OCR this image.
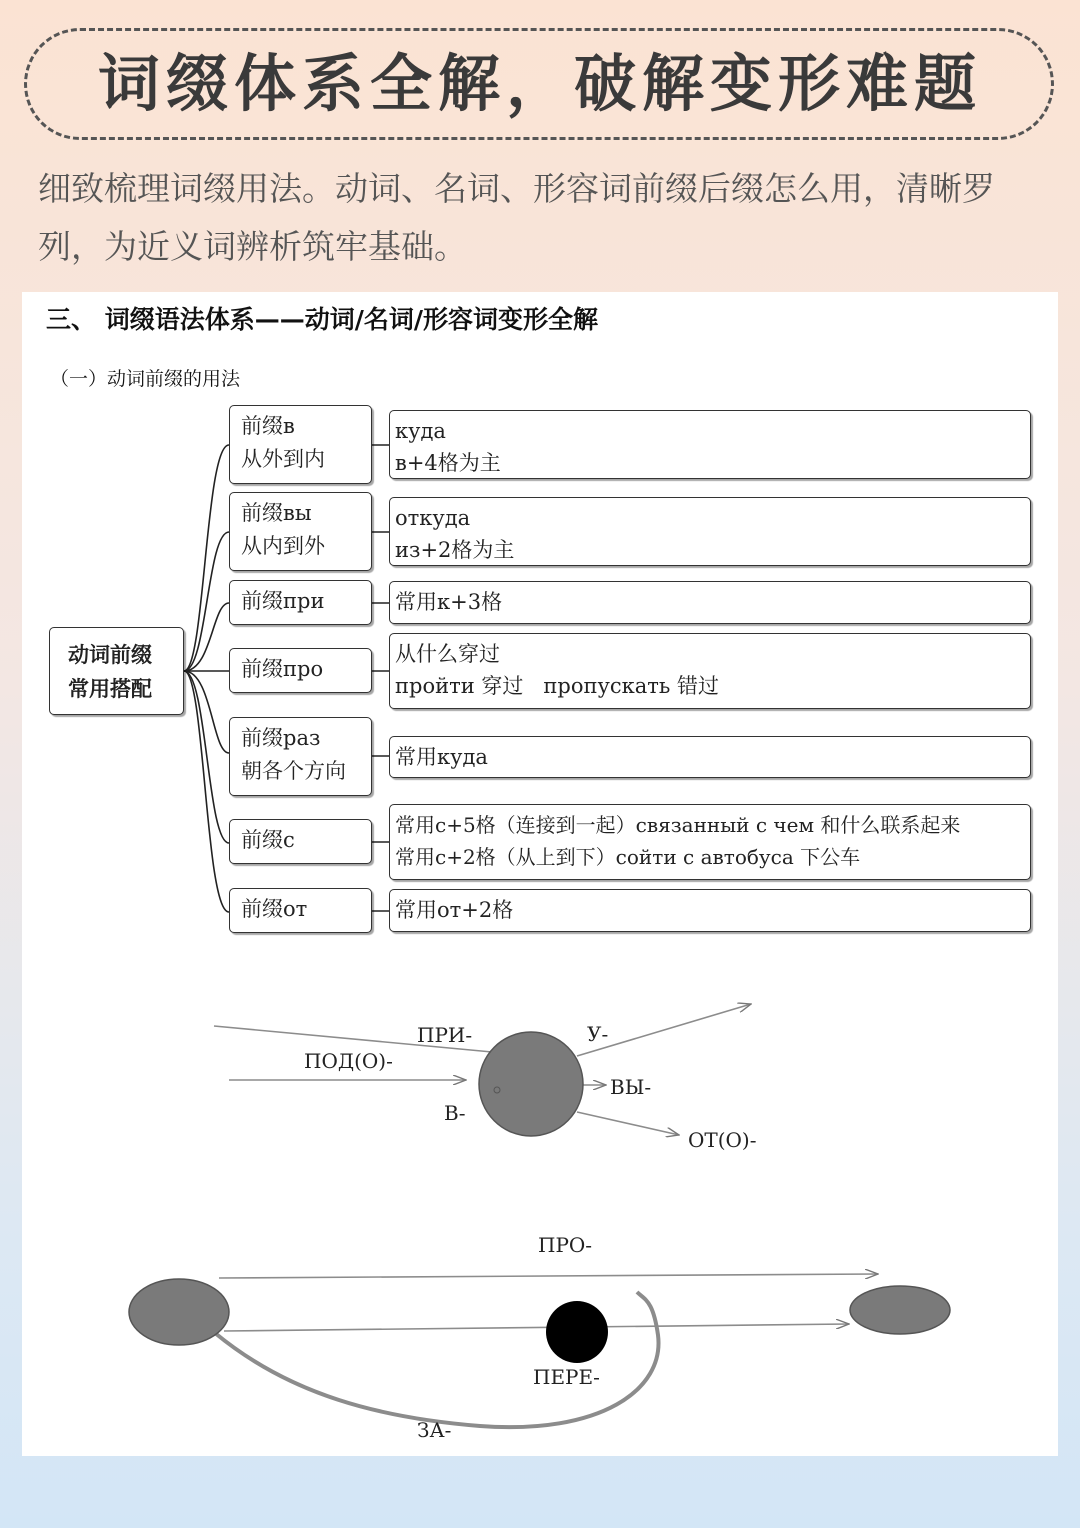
词缀体系全解，破解变形难题
细致梳理词缀用法。动词、名词、形容词前缀后缀怎么用，清晰罗列，为近义词辨析筑牢基础。
三、 词缀语法体系——动词/名词/形容词变形全解
（一）动词前缀的用法
动词前缀
常用搭配
前缀в
从外到内
куда
в+4格为主
前缀вы
从内到外
откуда
из+2格为主
前缀при	常用к+3格
前缀про
从什么穿过
пройти 穿过   пропускать 错过
前缀раз
朝各个方向
常用куда
前缀с
常用с+5格（连接到一起）связанный с чем 和什么联系起来
常用с+2格（从上到下）сойти с автобуса 下公车
前缀от	常用от+2格
ПРИ-
ПОД(О)-
В-
У-
ВЫ-
ОТ(О)-
ПРО-
ПЕРЕ-
ЗА-
